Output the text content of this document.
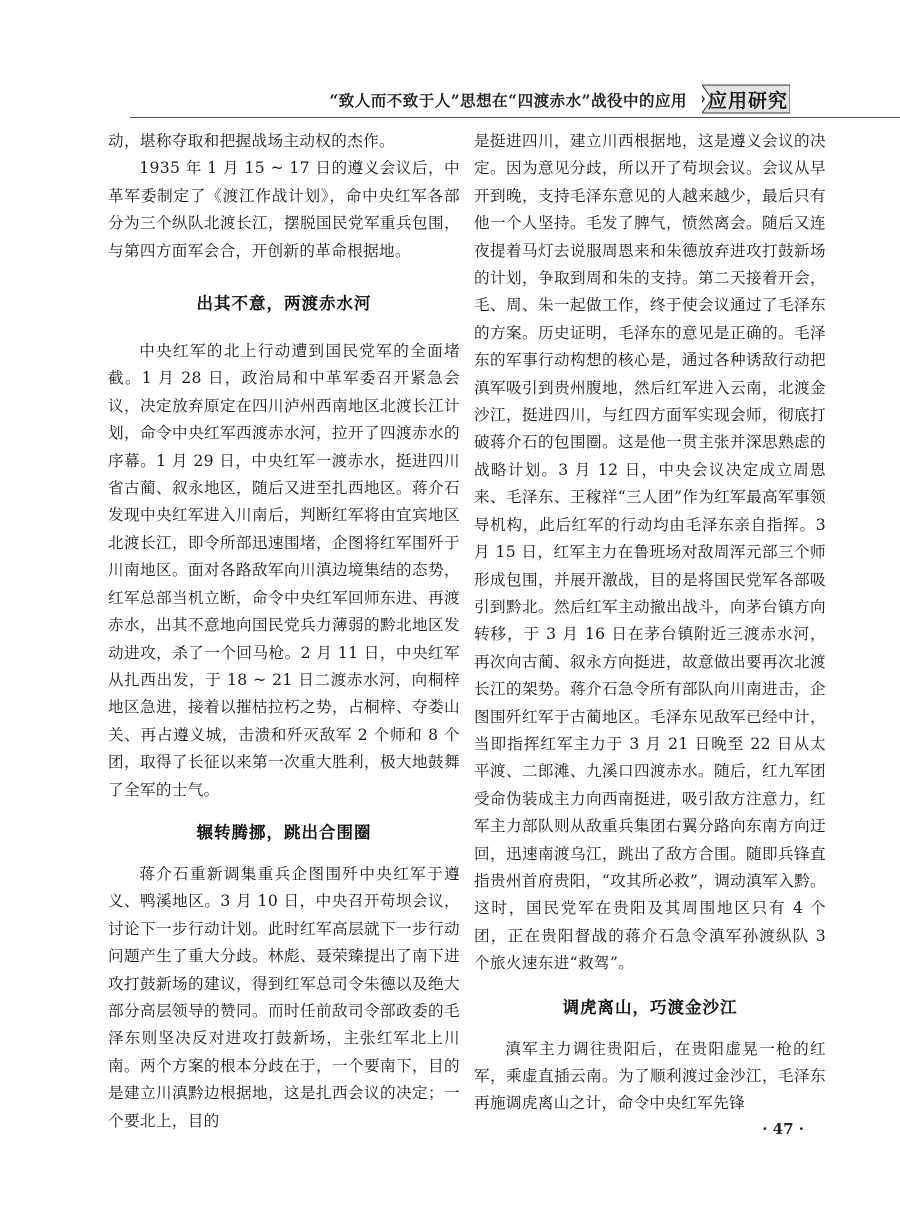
“致人而不致于人”思想在“四渡赤水”战役中的应用 应用研究

动，堪称夺取和把握战场主动权的杰作。

1935 年 1 月 15 ~ 17 日的遵义会议后，中革军委制定了《渡江作战计划》，命中央红军各部分为三个纵队北渡长江，摆脱国民党军重兵包围，与第四方面军会合，开创新的革命根据地。

出其不意，两渡赤水河

中央红军的北上行动遭到国民党军的全面堵截。1 月 28 日，政治局和中革军委召开紧急会议，决定放弃原定在四川泸州西南地区北渡长江计划，命令中央红军西渡赤水河，拉开了四渡赤水的序幕。1 月 29 日，中央红军一渡赤水，挺进四川省古蔺、叙永地区，随后又进至扎西地区。蒋介石发现中央红军进入川南后，判断红军将由宜宾地区北渡长江，即令所部迅速围堵，企图将红军围歼于川南地区。面对各路敌军向川滇边境集结的态势，红军总部当机立断，命令中央红军回师东进、再渡赤水，出其不意地向国民党兵力薄弱的黔北地区发动进攻，杀了一个回马枪。2 月 11 日，中央红军从扎西出发，于 18 ~ 21 日二渡赤水河，向桐梓地区急进，接着以摧枯拉朽之势，占桐梓、夺娄山关、再占遵义城，击溃和歼灭敌军 2 个师和 8 个团，取得了长征以来第一次重大胜利，极大地鼓舞了全军的士气。

辗转腾挪，跳出合围圈

蒋介石重新调集重兵企图围歼中央红军于遵义、鸭溪地区。3 月 10 日，中央召开苟坝会议，讨论下一步行动计划。此时红军高层就下一步行动问题产生了重大分歧。林彪、聂荣臻提出了南下进攻打鼓新场的建议，得到红军总司令朱德以及绝大部分高层领导的赞同。而时任前敌司令部政委的毛泽东则坚决反对进攻打鼓新场，主张红军北上川南。两个方案的根本分歧在于，一个要南下，目的是建立川滇黔边根据地，这是扎西会议的决定；一个要北上，目的

是挺进四川，建立川西根据地，这是遵义会议的决定。因为意见分歧，所以开了苟坝会议。会议从早开到晚，支持毛泽东意见的人越来越少，最后只有他一个人坚持。毛发了脾气，愤然离会。随后又连夜提着马灯去说服周恩来和朱德放弃进攻打鼓新场的计划，争取到周和朱的支持。第二天接着开会，毛、周、朱一起做工作，终于使会议通过了毛泽东的方案。历史证明，毛泽东的意见是正确的。毛泽东的军事行动构想的核心是，通过各种诱敌行动把滇军吸引到贵州腹地，然后红军进入云南，北渡金沙江，挺进四川，与红四方面军实现会师，彻底打破蒋介石的包围圈。这是他一贯主张并深思熟虑的战略计划。3 月 12 日，中央会议决定成立周恩来、毛泽东、王稼祥“三人团”作为红军最高军事领导机构，此后红军的行动均由毛泽东亲自指挥。3 月 15 日，红军主力在鲁班场对敌周浑元部三个师形成包围，并展开激战，目的是将国民党军各部吸引到黔北。然后红军主动撤出战斗，向茅台镇方向转移，于 3 月 16 日在茅台镇附近三渡赤水河，再次向古蔺、叙永方向挺进，故意做出要再次北渡长江的架势。蒋介石急令所有部队向川南进击，企图围歼红军于古蔺地区。毛泽东见敌军已经中计，当即指挥红军主力于 3 月 21 日晚至 22 日从太平渡、二郎滩、九溪口四渡赤水。随后，红九军团受命伪装成主力向西南挺进，吸引敌方注意力，红军主力部队则从敌重兵集团右翼分路向东南方向迂回，迅速南渡乌江，跳出了敌方合围。随即兵锋直指贵州首府贵阳，“攻其所必救”，调动滇军入黔。这时，国民党军在贵阳及其周围地区只有 4 个团，正在贵阳督战的蒋介石急令滇军孙渡纵队 3 个旅火速东进“救驾”。

调虎离山，巧渡金沙江

滇军主力调往贵阳后，在贵阳虚晃一枪的红军，乘虚直插云南。为了顺利渡过金沙江，毛泽东再施调虎离山之计，命令中央红军先锋

· 47 ·
